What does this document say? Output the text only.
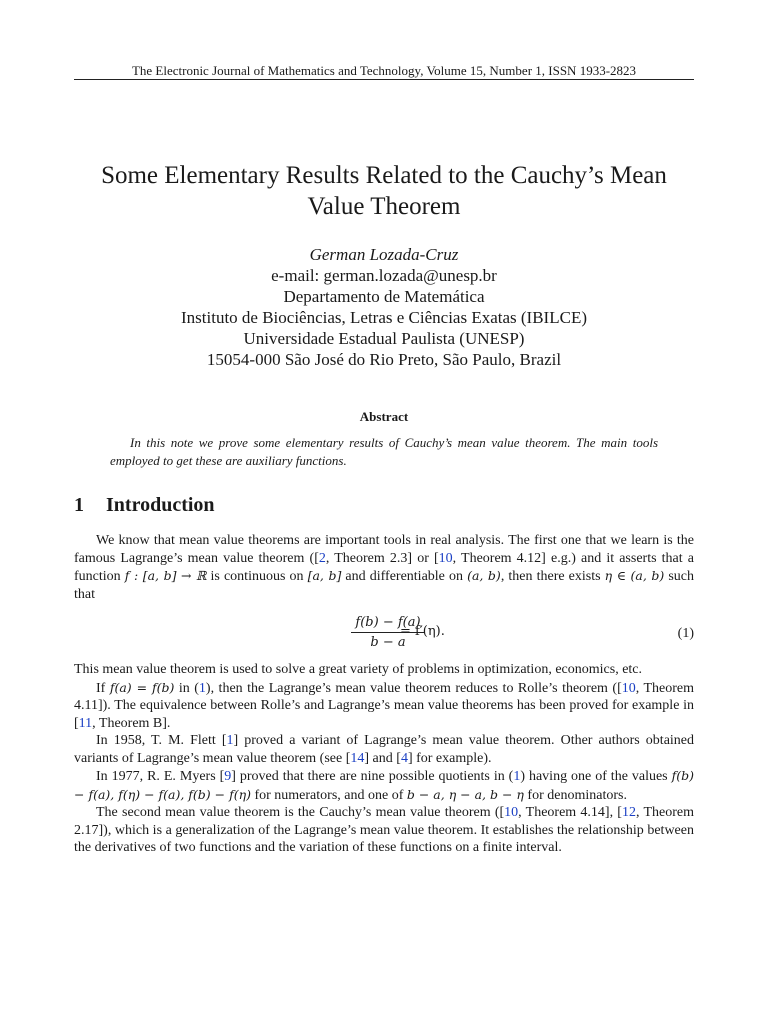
The Electronic Journal of Mathematics and Technology, Volume 15, Number 1, ISSN 1933-2823
Some Elementary Results Related to the Cauchy’s Mean
Value Theorem
German Lozada-Cruz
e-mail: german.lozada@unesp.br
Departamento de Matemática
Instituto de Biociências, Letras e Ciências Exatas (IBILCE)
Universidade Estadual Paulista (UNESP)
15054-000 São José do Rio Preto, São Paulo, Brazil
Abstract
In this note we prove some elementary results of Cauchy’s mean value theorem. The main tools employed to get these are auxiliary functions.
1 Introduction

We know that mean value theorems are important tools in real analysis. The first one that we learn is the famous Lagrange’s mean value theorem ([2, Theorem 2.3] or [10, Theorem 4.12] e.g.) and it asserts that a function f : [a, b] → ℝ is continuous on [a, b] and differentiable on (a, b), then there exists η ∈ (a, b) such that

$\frac{f(b) - f(a)}{b - a}$
= f′(η).	(1)

This mean value theorem is used to solve a great variety of problems in optimization, economics, etc.

If f(a) = f(b) in (1), then the Lagrange’s mean value theorem reduces to Rolle’s theorem ([10, Theorem 4.11]). The equivalence between Rolle’s and Lagrange’s mean value theorems has been proved for example in [11, Theorem B].

In 1958, T. M. Flett [1] proved a variant of Lagrange’s mean value theorem. Other authors obtained variants of Lagrange’s mean value theorem (see [14] and [4] for example).

In 1977, R. E. Myers [9] proved that there are nine possible quotients in (1) having one of the values f(b) − f(a), f(η) − f(a), f(b) − f(η) for numerators, and one of b − a, η − a, b − η for denominators.

The second mean value theorem is the Cauchy’s mean value theorem ([10, Theorem 4.14], [12, Theorem 2.17]), which is a generalization of the Lagrange’s mean value theorem. It establishes the relationship between the derivatives of two functions and the variation of these functions on a finite interval.
